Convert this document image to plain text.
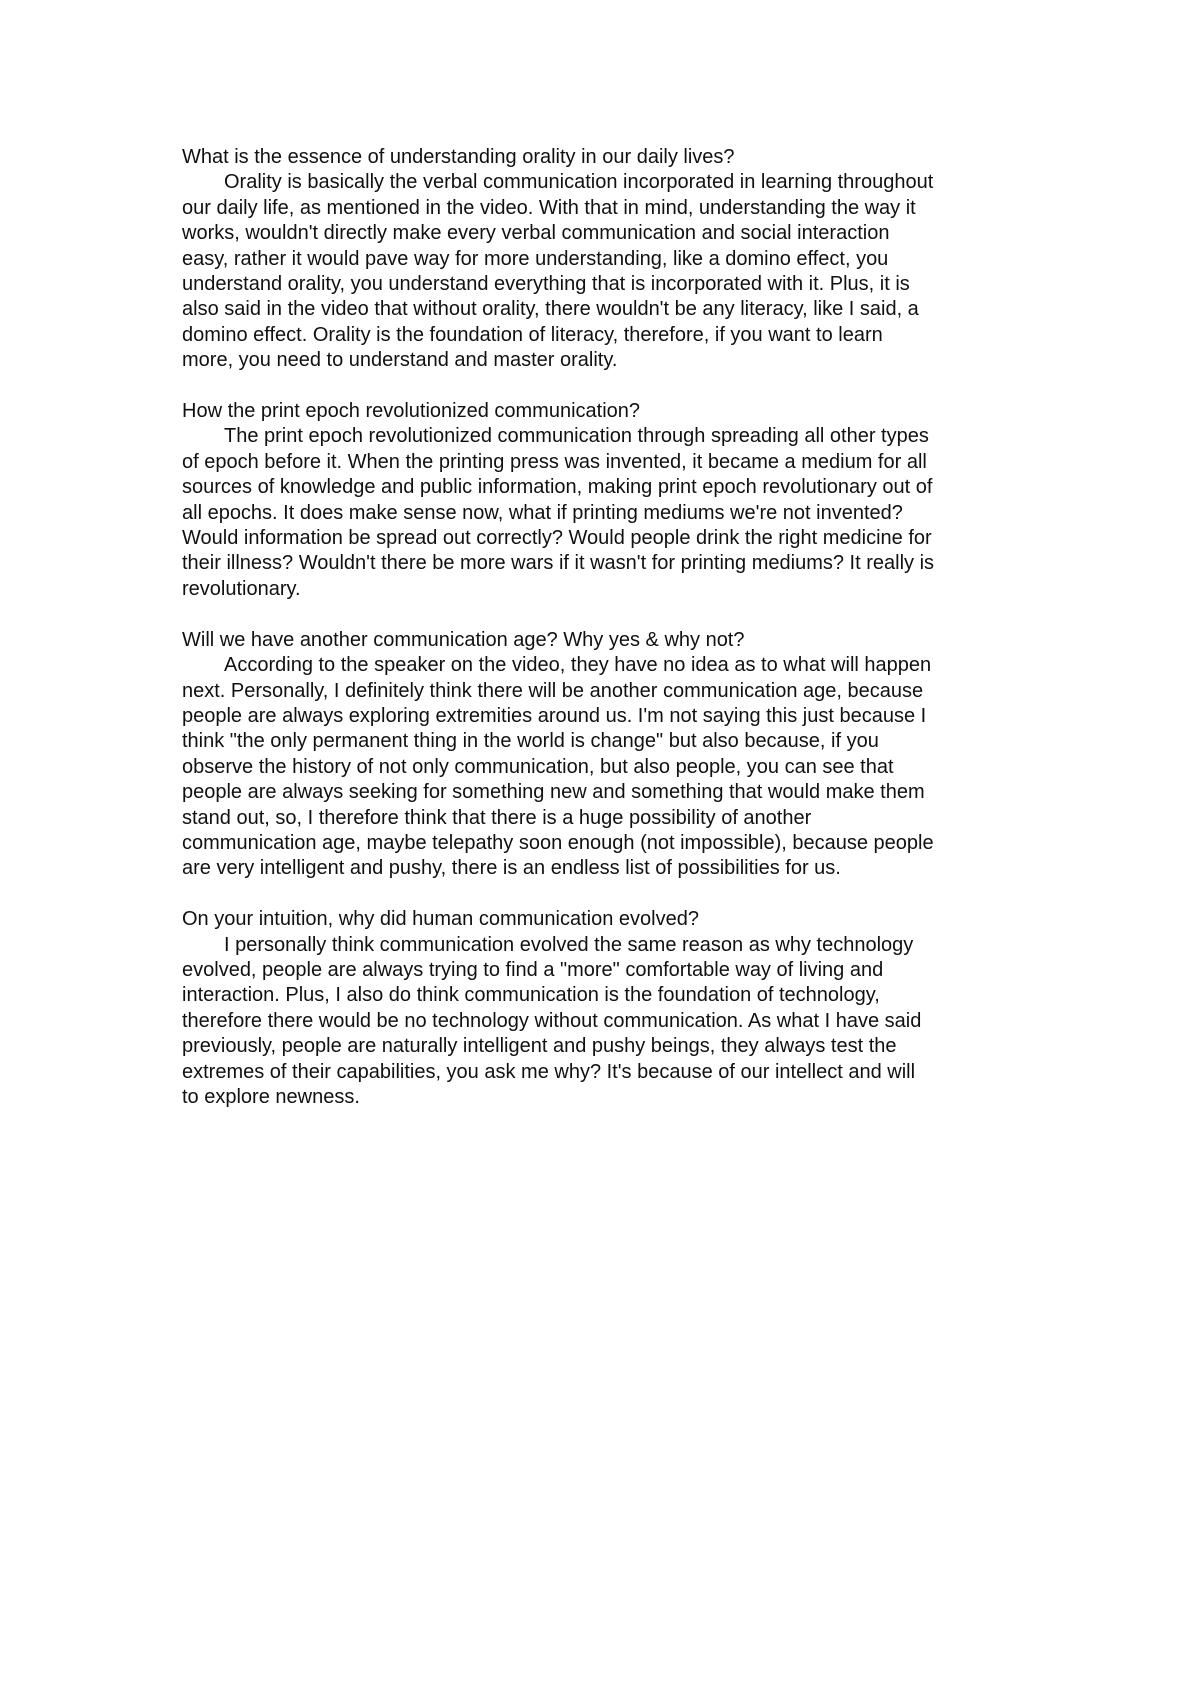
What is the essence of understanding orality in our daily lives?

Orality is basically the verbal communication incorporated in learning throughout
our daily life, as mentioned in the video. With that in mind, understanding the way it
works, wouldn't directly make every verbal communication and social interaction
easy, rather it would pave way for more understanding, like a domino effect, you
understand orality, you understand everything that is incorporated with it. Plus, it is
also said in the video that without orality, there wouldn't be any literacy, like I said, a
domino effect. Orality is the foundation of literacy, therefore, if you want to learn
more, you need to understand and master orality.

How the print epoch revolutionized communication?

The print epoch revolutionized communication through spreading all other types
of epoch before it. When the printing press was invented, it became a medium for all
sources of knowledge and public information, making print epoch revolutionary out of
all epochs. It does make sense now, what if printing mediums we're not invented?
Would information be spread out correctly? Would people drink the right medicine for
their illness? Wouldn't there be more wars if it wasn't for printing mediums? It really is
revolutionary.

Will we have another communication age? Why yes & why not?

According to the speaker on the video, they have no idea as to what will happen
next. Personally, I definitely think there will be another communication age, because
people are always exploring extremities around us. I'm not saying this just because I
think "the only permanent thing in the world is change" but also because, if you
observe the history of not only communication, but also people, you can see that
people are always seeking for something new and something that would make them
stand out, so, I therefore think that there is a huge possibility of another
communication age, maybe telepathy soon enough (not impossible), because people
are very intelligent and pushy, there is an endless list of possibilities for us.

On your intuition, why did human communication evolved?

I personally think communication evolved the same reason as why technology
evolved, people are always trying to find a "more" comfortable way of living and
interaction. Plus, I also do think communication is the foundation of technology,
therefore there would be no technology without communication. As what I have said
previously, people are naturally intelligent and pushy beings, they always test the
extremes of their capabilities, you ask me why? It's because of our intellect and will
to explore newness.
